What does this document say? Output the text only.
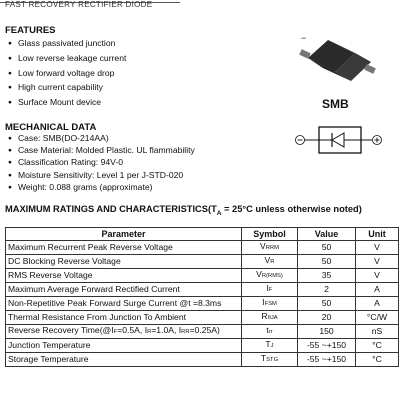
FAST RECOVERY RECTIFIER DIODE
FEATURES
● Glass passivated junction
● Low reverse leakage current
● Low forward voltage drop
● High current capability
● Surface Mount device
−
SMB
MECHANICAL DATA
● Case: SMB(DO-214AA)
● Case Material: Molded Plastic. UL flammability
● Classification Rating: 94V-0
● Moisture Sensitivity: Level 1 per J-STD-020
● Weight: 0.088 grams (approximate)
MAXIMUM RATINGS AND $CHARACTERISTICS(T_A = 25^\circ C$ unless otherwise noted)
Parameter	Symbol	Value	Unit
Maximum Recurrent Peak Reverse Voltage	VRRM	50	V
DC Blocking Reverse Voltage	VR	50	V
RMS Reverse Voltage	VR(RMS)	35	V
Maximum Average Forward Rectified Current	IF	2	A
Non-Repetitive Peak Forward Surge Current @t =8.3ms	IFSM	50	A
Thermal Resistance From Junction To Ambient	RθJA	20	°C/W
Reverse Recovery Time(@IF=0.5A, IR=1.0A, IRR=0.25A)	trr	150	nS
Junction Temperature	TJ	-55 ~+150	°C
Storage Temperature	TSTG	-55 ~+150	°C
